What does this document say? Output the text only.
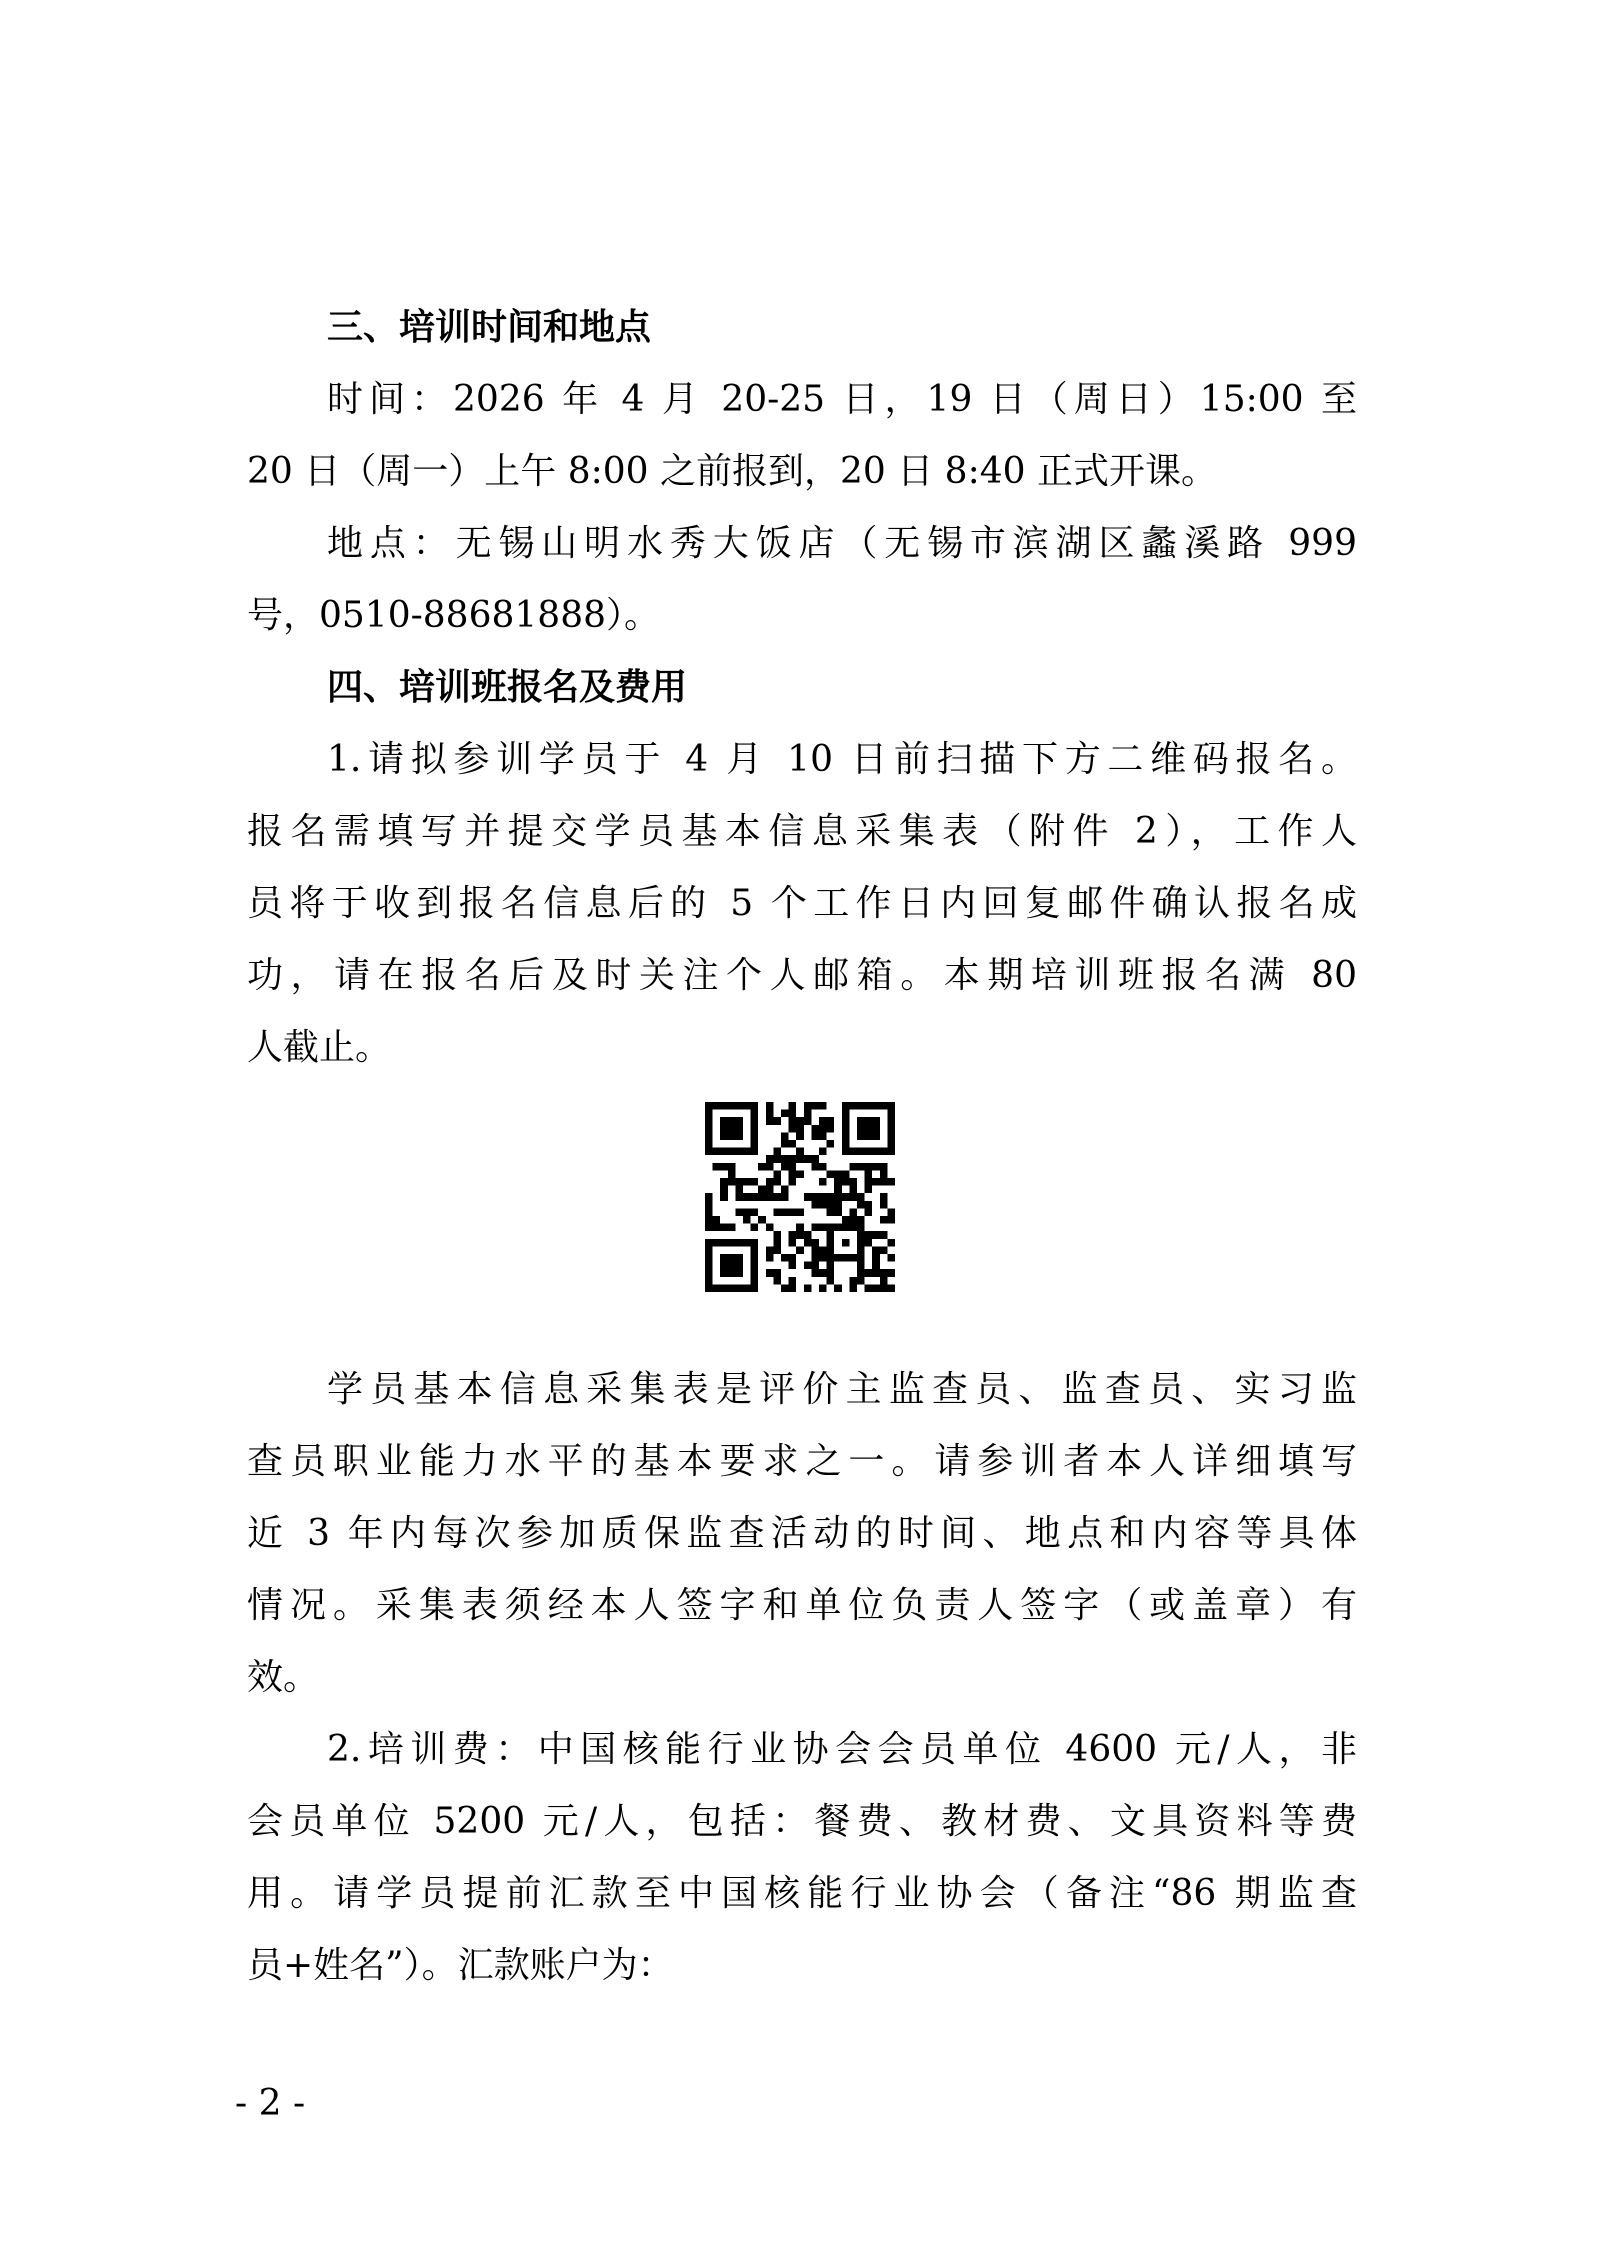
三、培训时间和地点
时间：2026 年 4 月 20-25 日，19 日（周日）15:00 至
20 日（周一）上午 8:00 之前报到，20 日 8:40 正式开课。
地点：无锡山明水秀大饭店（无锡市滨湖区蠡溪路 999
号，0510-88681888）。
四、培训班报名及费用
1.请拟参训学员于 4 月 10 日前扫描下方二维码报名。
报名需填写并提交学员基本信息采集表（附件 2），工作人
员将于收到报名信息后的 5 个工作日内回复邮件确认报名成
功，请在报名后及时关注个人邮箱。本期培训班报名满 80
人截止。
学员基本信息采集表是评价主监查员、监查员、实习监
查员职业能力水平的基本要求之一。请参训者本人详细填写
近 3 年内每次参加质保监查活动的时间、地点和内容等具体
情况。采集表须经本人签字和单位负责人签字（或盖章）有
效。
2.培训费：中国核能行业协会会员单位 4600 元/人，非
会员单位 5200 元/人，包括：餐费、教材费、文具资料等费
用。请学员提前汇款至中国核能行业协会（备注“86 期监查
员+姓名”）。汇款账户为：
- 2 -
